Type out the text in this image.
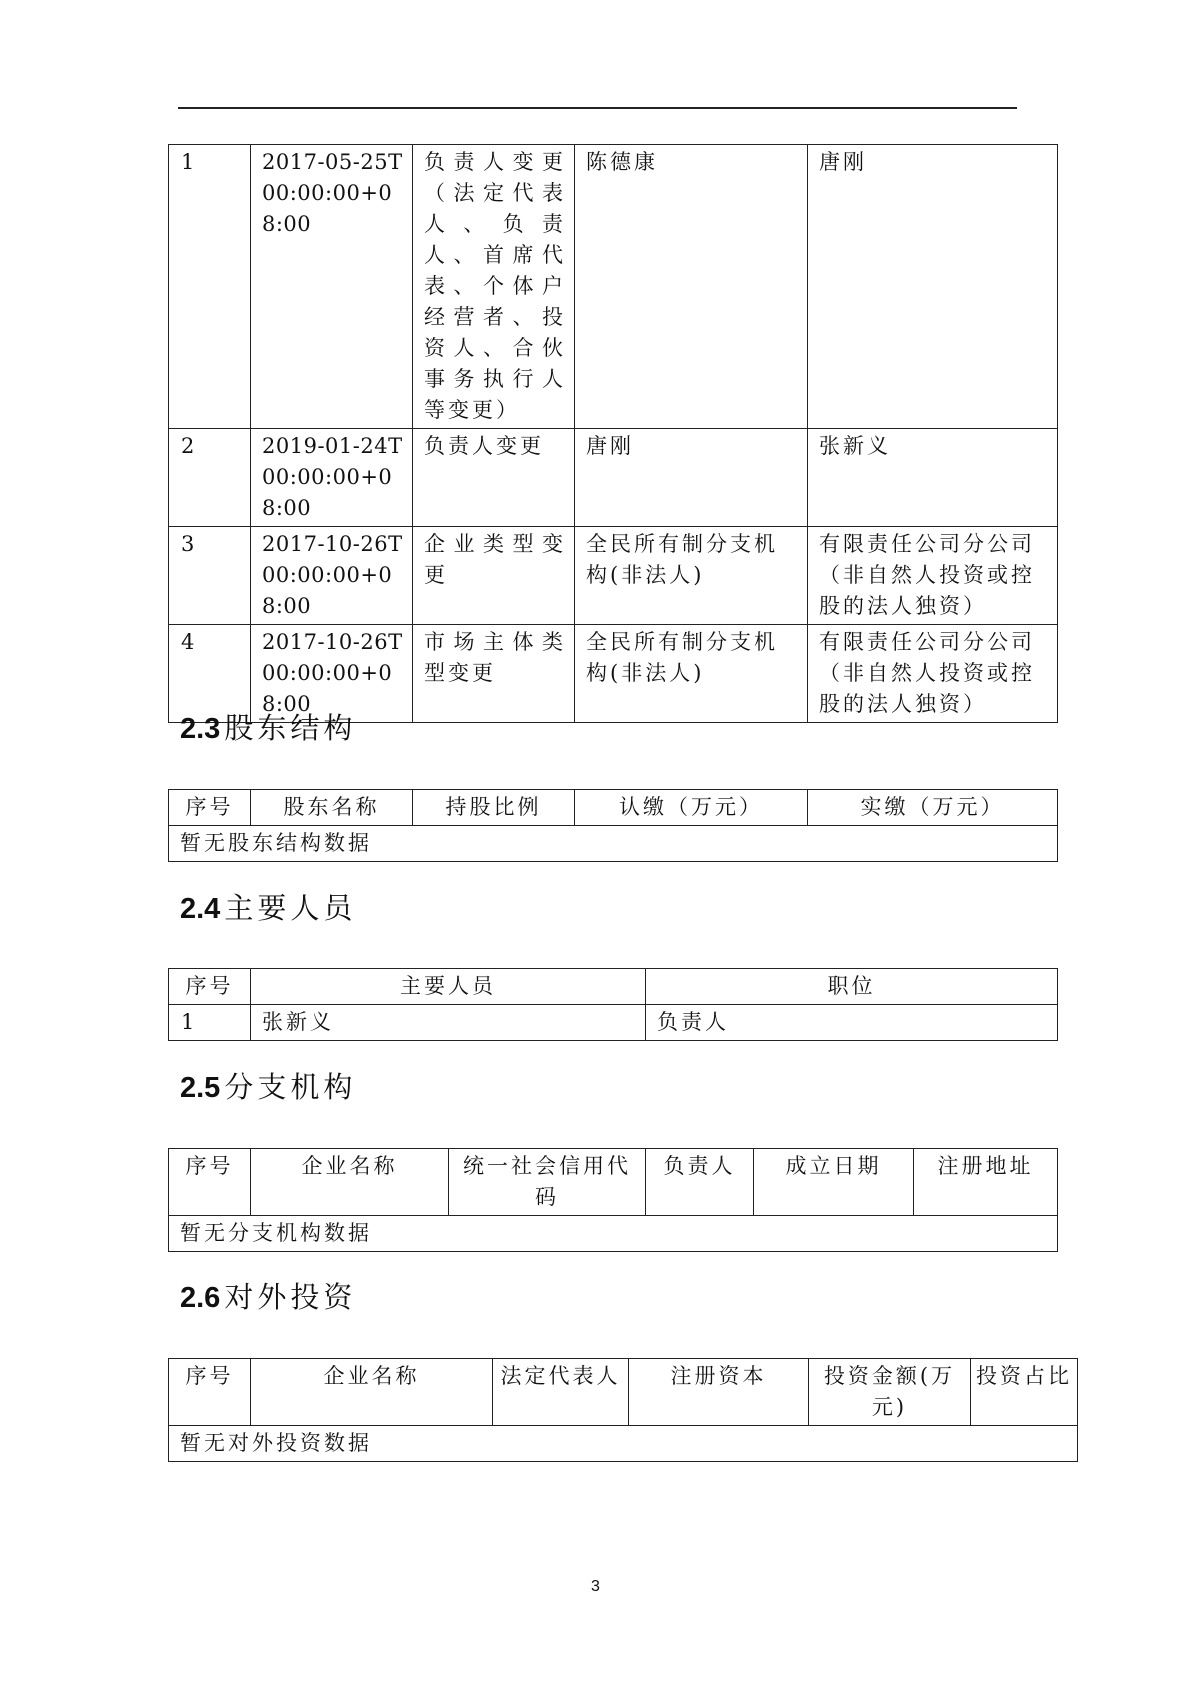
1	2017-05-25T00:00:00+08:00	负责人变更（法定代表人、负责人、首席代表、个体户经营者、投资人、合伙事务执行人等变更）	陈德康	唐刚
2	2019-01-24T00:00:00+08:00	负责人变更	唐刚	张新义
3	2017-10-26T00:00:00+08:00	企业类型变更	全民所有制分支机构(非法人)	有限责任公司分公司（非自然人投资或控股的法人独资）
4	2017-10-26T00:00:00+08:00	市场主体类型变更	全民所有制分支机构(非法人)	有限责任公司分公司（非自然人投资或控股的法人独资）
2.3 股东结构
序号	股东名称	持股比例	认缴（万元）	实缴（万元）
暂无股东结构数据
2.4 主要人员
序号	主要人员	职位
1	张新义	负责人
2.5 分支机构
序号	企业名称	统一社会信用代码	负责人	成立日期	注册地址
暂无分支机构数据
2.6 对外投资
序号	企业名称	法定代表人	注册资本	投资金额(万元)	投资占比
暂无对外投资数据
3
